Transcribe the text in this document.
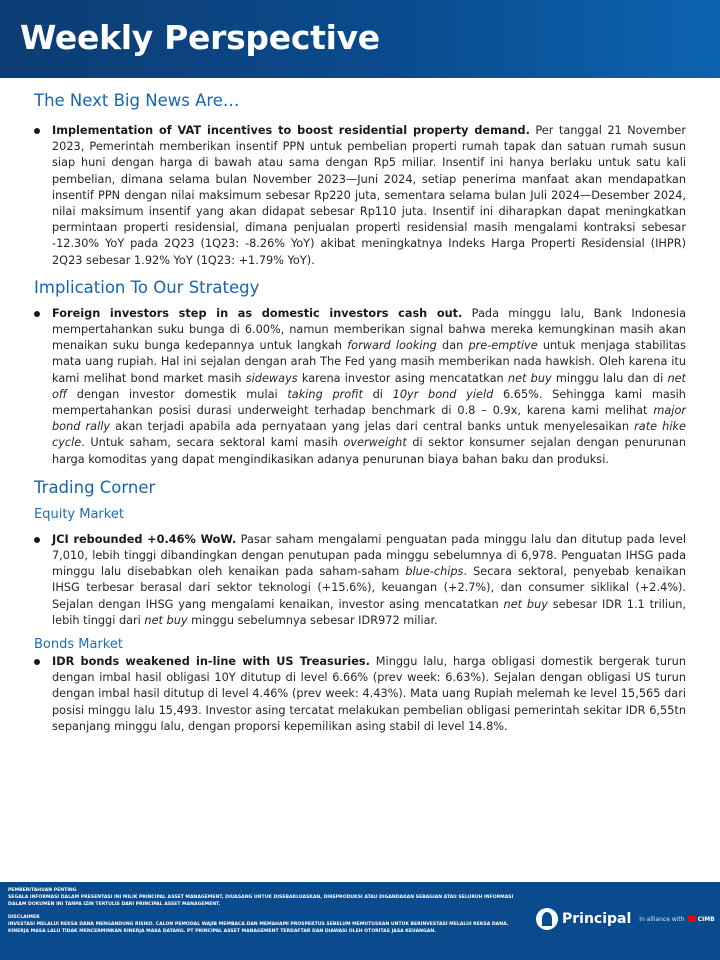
Weekly Perspective
The Next Big News Are…

Implementation of VAT incentives to boost residential property demand. Per tanggal 21 November 2023, Pemerintah memberikan insentif PPN untuk pembelian properti rumah tapak dan satuan rumah susun siap huni dengan harga di bawah atau sama dengan Rp5 miliar. Insentif ini hanya berlaku untuk satu kali pembelian, dimana selama bulan November 2023—Juni 2024, setiap penerima manfaat akan mendapatkan insentif PPN dengan nilai maksimum sebesar Rp220 juta, sementara selama bulan Juli 2024—Desember 2024, nilai maksimum insentif yang akan didapat sebesar Rp110 juta. Insentif ini diharapkan dapat meningkatkan permintaan properti residensial, dimana penjualan properti residensial masih mengalami kontraksi sebesar -12.30% YoY pada 2Q23 (1Q23: -8.26% YoY) akibat meningkatnya Indeks Harga Properti Residensial (IHPR) 2Q23 sebesar 1.92% YoY (1Q23: +1.79% YoY).

Implication To Our Strategy

Foreign investors step in as domestic investors cash out. Pada minggu lalu, Bank Indonesia mempertahankan suku bunga di 6.00%, namun memberikan signal bahwa mereka kemungkinan masih akan menaikan suku bunga kedepannya untuk langkah forward looking dan pre-emptive untuk menjaga stabilitas mata uang rupiah. Hal ini sejalan dengan arah The Fed yang masih memberikan nada hawkish. Oleh karena itu kami melihat bond market masih sideways karena investor asing mencatatkan net buy minggu lalu dan di net off dengan investor domestik mulai taking profit di 10yr bond yield 6.65%. Sehingga kami masih mempertahankan posisi durasi underweight terhadap benchmark di 0.8 – 0.9x, karena kami melihat major bond rally akan terjadi apabila ada pernyataan yang jelas dari central banks untuk menyelesaikan rate hike cycle. Untuk saham, secara sektoral kami masih overweight di sektor konsumer sejalan dengan penurunan harga komoditas yang dapat mengindikasikan adanya penurunan biaya bahan baku dan produksi.

Trading Corner
Equity Market

JCI rebounded +0.46% WoW. Pasar saham mengalami penguatan pada minggu lalu dan ditutup pada level 7,010, lebih tinggi dibandingkan dengan penutupan pada minggu sebelumnya di 6,978. Penguatan IHSG pada minggu lalu disebabkan oleh kenaikan pada saham-saham blue-chips. Secara sektoral, penyebab kenaikan IHSG terbesar berasal dari sektor teknologi (+15.6%), keuangan (+2.7%), dan consumer siklikal (+2.4%). Sejalan dengan IHSG yang mengalami kenaikan, investor asing mencatatkan net buy sebesar IDR 1.1 triliun, lebih tinggi dari net buy minggu sebelumnya sebesar IDR972 miliar.

Bonds Market

IDR bonds weakened in-line with US Treasuries. Minggu lalu, harga obligasi domestik bergerak turun dengan imbal hasil obligasi 10Y ditutup di level 6.66% (prev week: 6.63%). Sejalan dengan obligasi US turun dengan imbal hasil ditutup di level 4.46% (prev week: 4.43%). Mata uang Rupiah melemah ke level 15,565 dari posisi minggu lalu 15,493. Investor asing tercatat melakukan pembelian obligasi pemerintah sekitar IDR 6,55tn sepanjang minggu lalu, dengan proporsi kepemilikan asing stabil di level 14.8%.

PEMBERITAHUAN PENTING
SEGALA INFORMASI DALAM PRESENTASI INI MILIK PRINCIPAL ASSET MANAGEMENT, DIUASANG UNTUK DISEBARLUASKAN, DIREPRODUKSI ATAU DIGANDAKAN SEBAGIAN ATAU SELURUH INFORMASI DALAM DOKUMEN INI TANPA IZIN TERTULIS DARI PRINCIPAL ASSET MANAGEMENT.
DISCLAIMER
INVESTASI MELALUI REKSA DANA MENGANDUNG RISIKO. CALON PEMODAL WAJIB MEMBACA DAN MEMAHAMI PROSPEKTUS SEBELUM MEMUTUSKAN UNTUK BERINVESTASI MELALUI REKSA DANA. KINERJA MASA LALU TIDAK MENCERMINKAN KINERJA MASA DATANG. PT PRINCIPAL ASSET MANAGEMENT TERDAFTAR DAN DIAWASI OLEH OTORITAS JASA KEUANGAN.
Principal In alliance with CIMB
